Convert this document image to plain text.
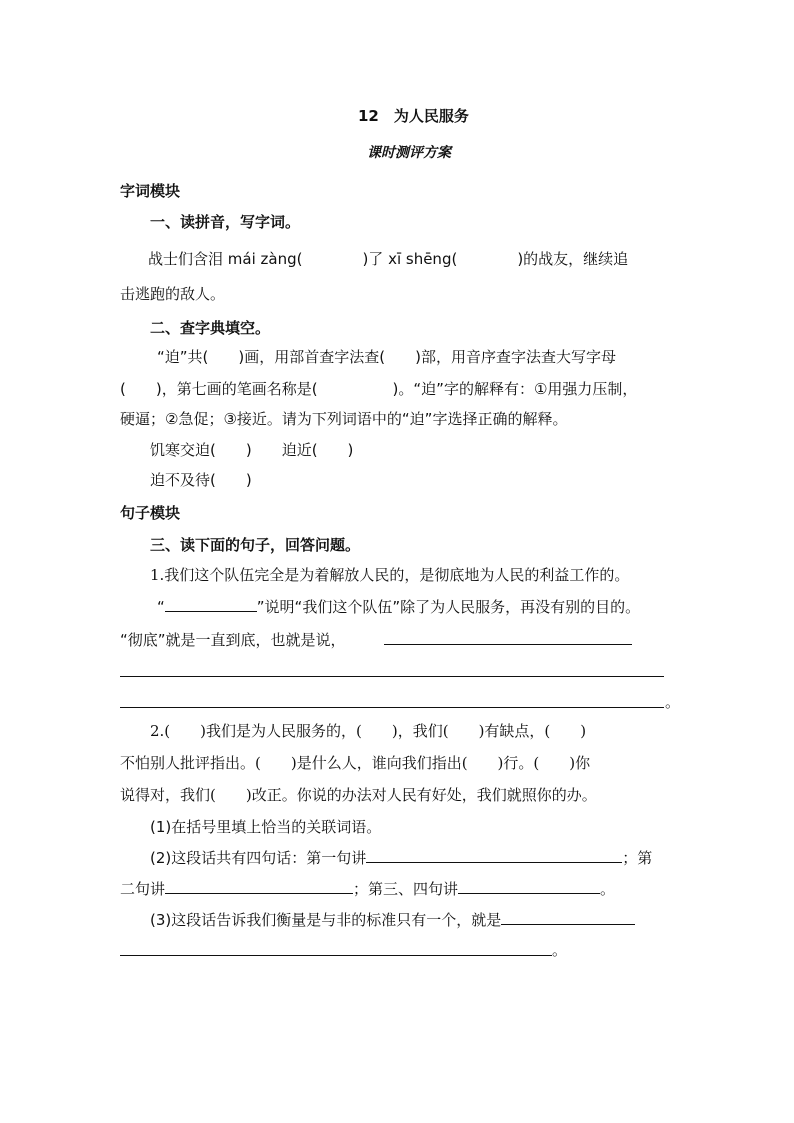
12　为人民服务
课时测评方案
字词模块
一、读拼音，写字词。
战士们含泪 mái zàng(　　　　)了 xī shēng(　　　　)的战友，继续追
击逃跑的敌人。
二、查字典填空。
“迫”共(　　)画，用部首查字法查(　　)部，用音序查字法查大写字母
(　　)，第七画的笔画名称是(　　　　　)。“迫”字的解释有：①用强力压制，
硬逼；②急促；③接近。请为下列词语中的“迫”字选择正确的解释。
饥寒交迫(　　)　　迫近(　　)
迫不及待(　　)
句子模块
三、读下面的句子，回答问题。
1.我们这个队伍完全是为着解放人民的，是彻底地为人民的利益工作的。
“	”说明“我们这个队伍”除了为人民服务，再没有别的目的。
“彻底”就是一直到底，也就是说，
。
2.(　　)我们是为人民服务的，(　　)，我们(　　)有缺点，(　　)
不怕别人批评指出。(　　)是什么人，谁向我们指出(　　)行。(　　)你
说得对，我们(　　)改正。你说的办法对人民有好处，我们就照你的办。
(1)在括号里填上恰当的关联词语。
(2)这段话共有四句话：第一句讲	；第
二句讲	；第三、四句讲	。
(3)这段话告诉我们衡量是与非的标准只有一个，就是
。
